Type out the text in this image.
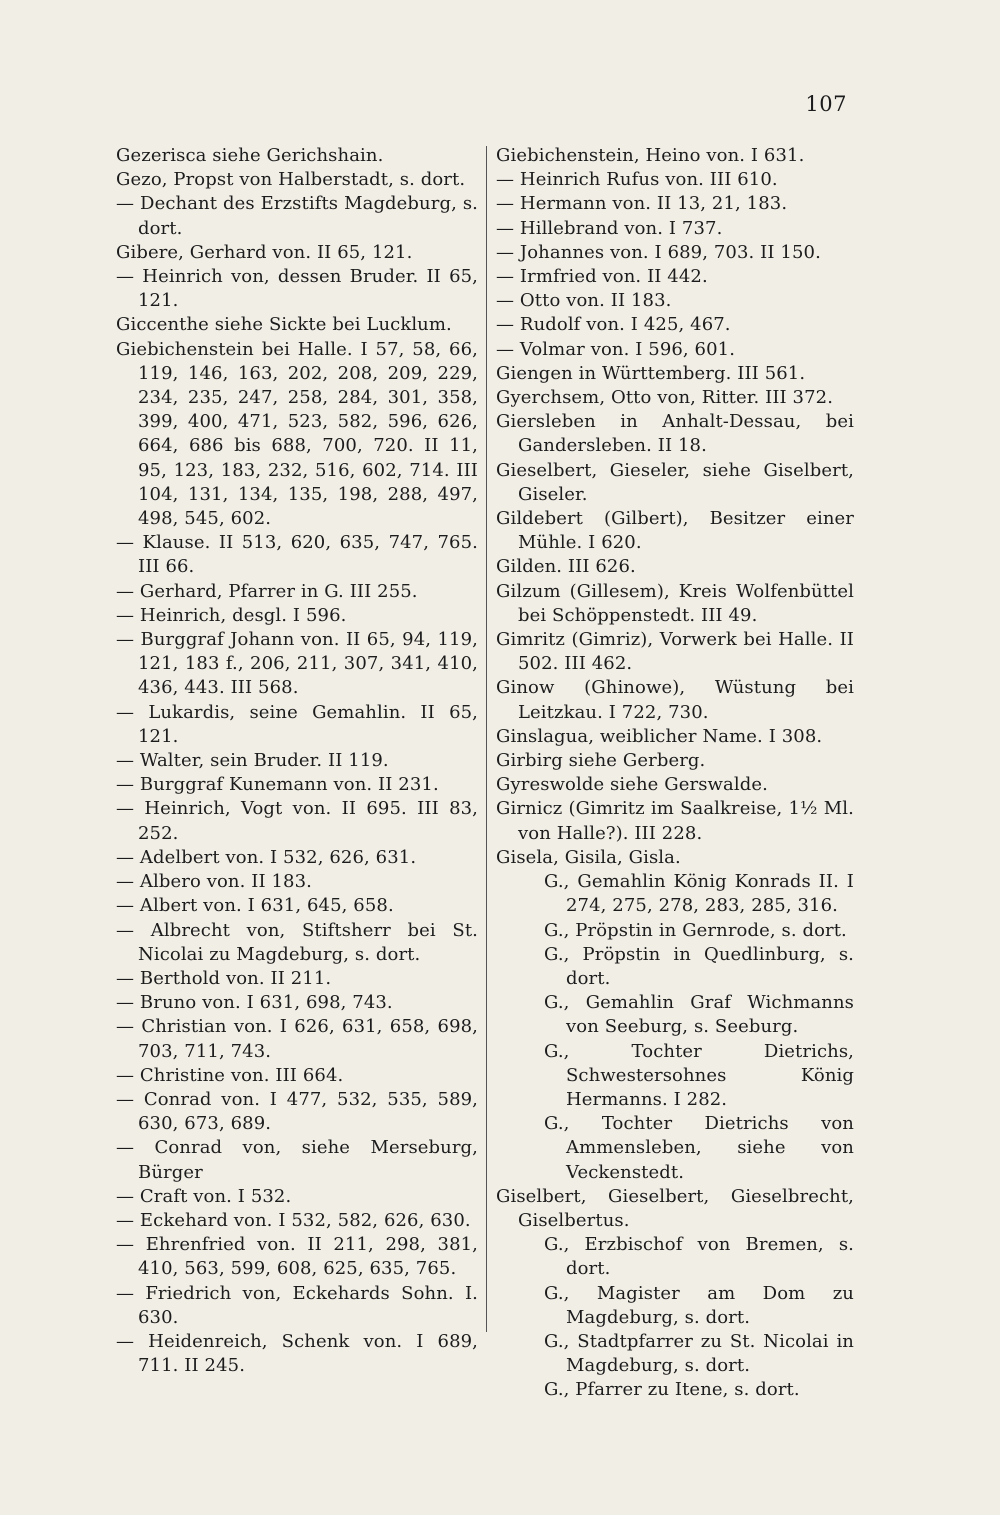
107
Gezerisca siehe Gerichshain.
Gezo, Propst von Halberstadt, s. dort.
— Dechant des Erzstifts Magdeburg, s. dort.
Gibere, Gerhard von. II 65, 121.
— Heinrich von, dessen Bruder. II 65, 121.
Giccenthe siehe Sickte bei Lucklum.
Giebichenstein bei Halle. I 57, 58, 66, 119, 146, 163, 202, 208, 209, 229, 234, 235, 247, 258, 284, 301, 358, 399, 400, 471, 523, 582, 596, 626, 664, 686 bis 688, 700, 720. II 11, 95, 123, 183, 232, 516, 602, 714. III 104, 131, 134, 135, 198, 288, 497, 498, 545, 602.
— Klause. II 513, 620, 635, 747, 765. III 66.
— Gerhard, Pfarrer in G. III 255.
— Heinrich, desgl. I 596.
— Burggraf Johann von. II 65, 94, 119, 121, 183 f., 206, 211, 307, 341, 410, 436, 443. III 568.
— Lukardis, seine Gemahlin. II 65, 121.
— Walter, sein Bruder. II 119.
— Burggraf Kunemann von. II 231.
— Heinrich, Vogt von. II 695. III 83, 252.
— Adelbert von. I 532, 626, 631.
— Albero von. II 183.
— Albert von. I 631, 645, 658.
— Albrecht von, Stiftsherr bei St. Nicolai zu Magdeburg, s. dort.
— Berthold von. II 211.
— Bruno von. I 631, 698, 743.
— Christian von. I 626, 631, 658, 698, 703, 711, 743.
— Christine von. III 664.
— Conrad von. I 477, 532, 535, 589, 630, 673, 689.
— Conrad von, siehe Merseburg, Bürger
— Craft von. I 532.
— Eckehard von. I 532, 582, 626, 630.
— Ehrenfried von. II 211, 298, 381, 410, 563, 599, 608, 625, 635, 765.
— Friedrich von, Eckehards Sohn. I. 630.
— Heidenreich, Schenk von. I 689, 711. II 245.
Giebichenstein, Heino von. I 631.
— Heinrich Rufus von. III 610.
— Hermann von. II 13, 21, 183.
— Hillebrand von. I 737.
— Johannes von. I 689, 703. II 150.
— Irmfried von. II 442.
— Otto von. II 183.
— Rudolf von. I 425, 467.
— Volmar von. I 596, 601.
Giengen in Württemberg. III 561.
Gyerchsem, Otto von, Ritter. III 372.
Giersleben in Anhalt-Dessau, bei Gandersleben. II 18.
Gieselbert, Gieseler, siehe Giselbert, Giseler.
Gildebert (Gilbert), Besitzer einer Mühle. I 620.
Gilden. III 626.
Gilzum (Gillesem), Kreis Wolfenbüttel bei Schöppenstedt. III 49.
Gimritz (Gimriz), Vorwerk bei Halle. II 502. III 462.
Ginow (Ghinowe), Wüstung bei Leitzkau. I 722, 730.
Ginslagua, weiblicher Name. I 308.
Girbirg siehe Gerberg.
Gyreswolde siehe Gerswalde.
Girnicz (Gimritz im Saalkreise, 1½ Ml. von Halle?). III 228.
Gisela, Gisila, Gisla.
G., Gemahlin König Konrads II. I 274, 275, 278, 283, 285, 316.
G., Pröpstin in Gernrode, s. dort.
G., Pröpstin in Quedlinburg, s. dort.
G., Gemahlin Graf Wichmanns von Seeburg, s. Seeburg.
G., Tochter Dietrichs, Schwestersohnes König Hermanns. I 282.
G., Tochter Dietrichs von Ammensleben, siehe von Veckenstedt.
Giselbert, Gieselbert, Gieselbrecht, Giselbertus.
G., Erzbischof von Bremen, s. dort.
G., Magister am Dom zu Magdeburg, s. dort.
G., Stadtpfarrer zu St. Nicolai in Magdeburg, s. dort.
G., Pfarrer zu Itene, s. dort.
